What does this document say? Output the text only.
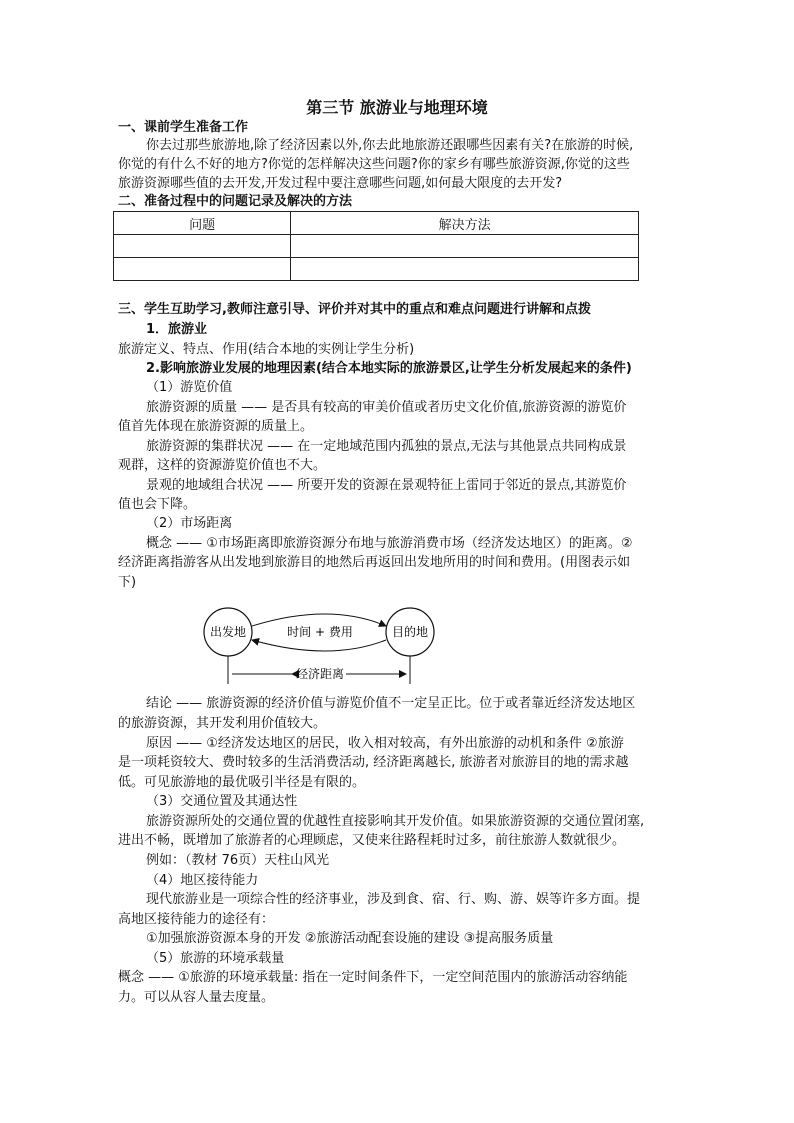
第三节 旅游业与地理环境
一、课前学生准备工作
你去过那些旅游地,除了经济因素以外,你去此地旅游还跟哪些因素有关?在旅游的时候,
你觉的有什么不好的地方?你觉的怎样解决这些问题?你的家乡有哪些旅游资源,你觉的这些
旅游资源哪些值的去开发,开发过程中要注意哪些问题,如何最大限度的去开发?
二、准备过程中的问题记录及解决的方法
问题	解决方法

三、学生互助学习,教师注意引导、评价并对其中的重点和难点问题进行讲解和点拨
1．旅游业
旅游定义、特点、作用(结合本地的实例让学生分析)
2.影响旅游业发展的地理因素(结合本地实际的旅游景区,让学生分析发展起来的条件)
（1）游览价值
旅游资源的质量 —— 是否具有较高的审美价值或者历史文化价值,旅游资源的游览价
值首先体现在旅游资源的质量上。
旅游资源的集群状况 —— 在一定地域范围内孤独的景点,无法与其他景点共同构成景
观群，这样的资源游览价值也不大。
景观的地域组合状况 —— 所要开发的资源在景观特征上雷同于邻近的景点,其游览价
值也会下降。
（2）市场距离
概念 —— ①市场距离即旅游资源分布地与旅游消费市场（经济发达地区）的距离。②
经济距离指游客从出发地到旅游目的地然后再返回出发地所用的时间和费用。(用图表示如
下)
出发地	目的地
时间 + 费用
经济距离
结论 —— 旅游资源的经济价值与游览价值不一定呈正比。位于或者靠近经济发达地区
的旅游资源，其开发利用价值较大。
原因 —— ①经济发达地区的居民，收入相对较高，有外出旅游的动机和条件 ②旅游
是一项耗资较大、费时较多的生活消费活动, 经济距离越长, 旅游者对旅游目的地的需求越
低。可见旅游地的最优吸引半径是有限的。
（3）交通位置及其通达性
旅游资源所处的交通位置的优越性直接影响其开发价值。如果旅游资源的交通位置闭塞,
进出不畅，既增加了旅游者的心理顾虑，又使来往路程耗时过多，前往旅游人数就很少。
例如：（教材 76页）天柱山风光
（4）地区接待能力
现代旅游业是一项综合性的经济事业，涉及到食、宿、行、购、游、娱等许多方面。提
高地区接待能力的途径有：
①加强旅游资源本身的开发 ②旅游活动配套设施的建设 ③提高服务质量
（5）旅游的环境承载量
概念 —— ①旅游的环境承载量: 指在一定时间条件下，一定空间范围内的旅游活动容纳能
力。可以从容人量去度量。
